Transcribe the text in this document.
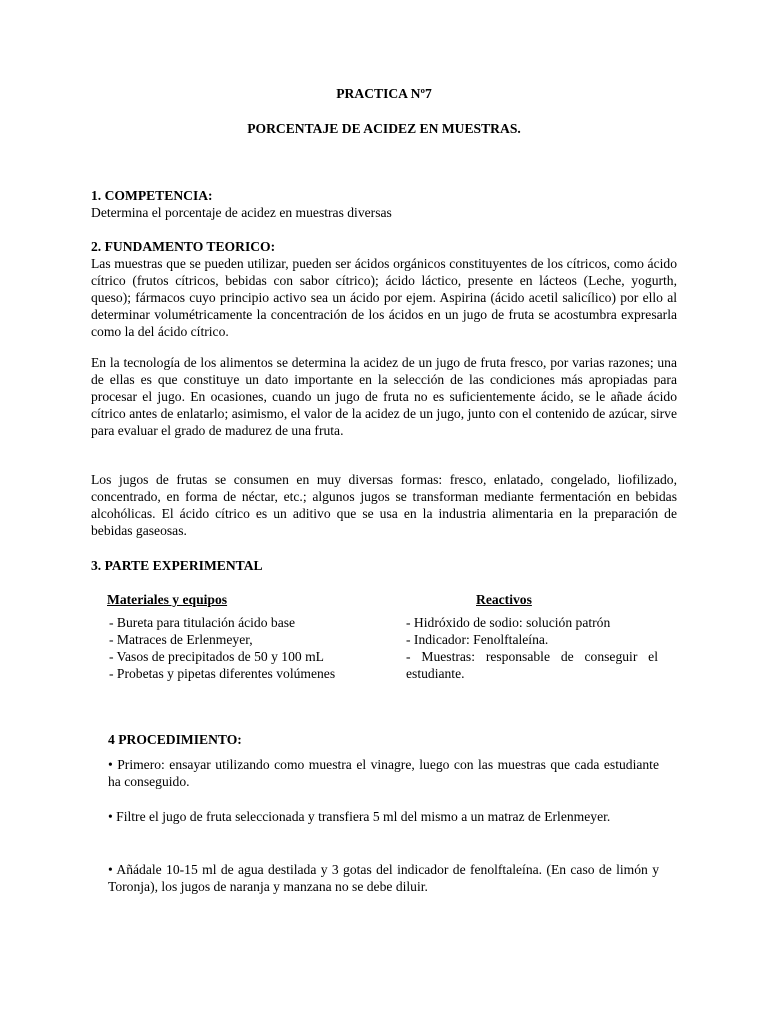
PRACTICA Nº7
PORCENTAJE DE ACIDEZ EN MUESTRAS.
1. COMPETENCIA:
Determina el porcentaje de acidez en muestras diversas
2. FUNDAMENTO TEORICO:
Las muestras que se pueden utilizar, pueden ser ácidos orgánicos constituyentes de los cítricos, como ácido cítrico (frutos cítricos, bebidas con sabor cítrico); ácido láctico, presente en lácteos (Leche, yogurth, queso); fármacos cuyo principio activo sea un ácido por ejem. Aspirina (ácido acetil salicílico) por ello al determinar volumétricamente la concentración de los ácidos en un jugo de fruta se acostumbra expresarla como la del ácido cítrico.
En la tecnología de los alimentos se determina la acidez de un jugo de fruta fresco, por varias razones; una de ellas es que constituye un dato importante en la selección de las condiciones más apropiadas para procesar el jugo. En ocasiones, cuando un jugo de fruta no es suficientemente ácido, se le añade ácido cítrico antes de enlatarlo; asimismo, el valor de la acidez de un jugo, junto con el contenido de azúcar, sirve para evaluar el grado de madurez de una fruta.
Los jugos de frutas se consumen en muy diversas formas: fresco, enlatado, congelado, liofilizado, concentrado, en forma de néctar, etc.; algunos jugos se transforman mediante fermentación en bebidas alcohólicas. El ácido cítrico es un aditivo que se usa en la industria alimentaria en la preparación de bebidas gaseosas.
3. PARTE EXPERIMENTAL
Materiales y equipos	Reactivos
- Bureta para titulación ácido base
- Matraces de Erlenmeyer,
- Vasos de precipitados de 50 y 100 mL
- Probetas y pipetas diferentes volúmenes
- Hidróxido de sodio: solución patrón
- Indicador: Fenolftaleína.
- Muestras: responsable de conseguir el estudiante.
4 PROCEDIMIENTO:
• Primero: ensayar utilizando como muestra el vinagre, luego con las muestras que cada estudiante ha conseguido.
• Filtre el jugo de fruta seleccionada y transfiera 5 ml del mismo a un matraz de Erlenmeyer.
• Añádale 10-15 ml de agua destilada y 3 gotas del indicador de fenolftaleína. (En caso de limón y Toronja), los jugos de naranja y manzana no se debe diluir.
